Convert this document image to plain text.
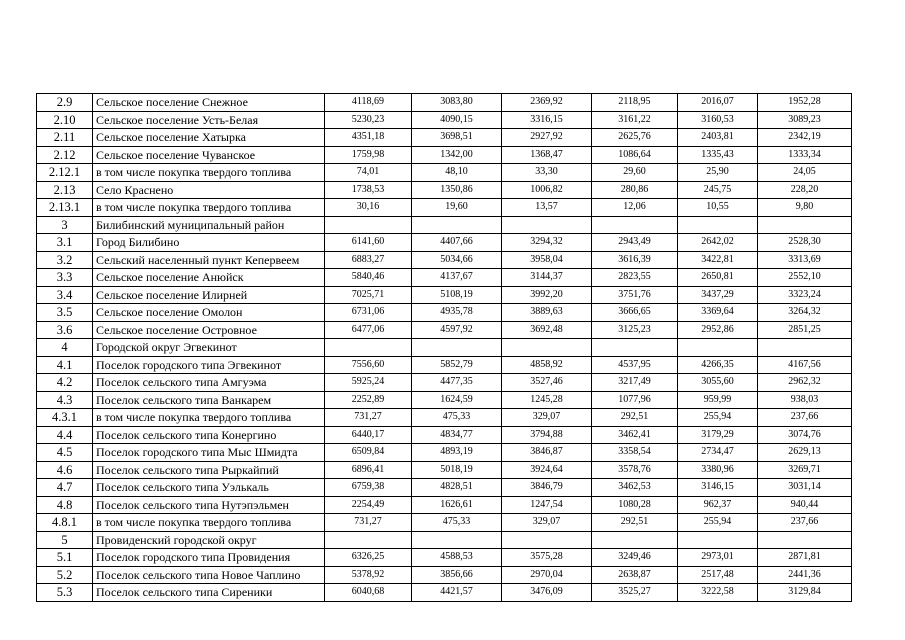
2.9	Сельское поселение Снежное	4118,69	3083,80	2369,92	2118,95	2016,07	1952,28
2.10	Сельское поселение Усть-Белая	5230,23	4090,15	3316,15	3161,22	3160,53	3089,23
2.11	Сельское поселение Хатырка	4351,18	3698,51	2927,92	2625,76	2403,81	2342,19
2.12	Сельское поселение Чуванское	1759,98	1342,00	1368,47	1086,64	1335,43	1333,34
2.12.1	в том числе покупка твердого топлива	74,01	48,10	33,30	29,60	25,90	24,05
2.13	Село Краснено	1738,53	1350,86	1006,82	280,86	245,75	228,20
2.13.1	в том числе покупка твердого топлива	30,16	19,60	13,57	12,06	10,55	9,80
3	Билибинский муниципальный район						
3.1	Город Билибино	6141,60	4407,66	3294,32	2943,49	2642,02	2528,30
3.2	Сельский населенный пункт Кепервеем	6883,27	5034,66	3958,04	3616,39	3422,81	3313,69
3.3	Сельское поселение Анюйск	5840,46	4137,67	3144,37	2823,55	2650,81	2552,10
3.4	Сельское поселение Илирней	7025,71	5108,19	3992,20	3751,76	3437,29	3323,24
3.5	Сельское поселение Омолон	6731,06	4935,78	3889,63	3666,65	3369,64	3264,32
3.6	Сельское поселение Островное	6477,06	4597,92	3692,48	3125,23	2952,86	2851,25
4	Городской округ Эгвекинот						
4.1	Поселок городского типа Эгвекинот	7556,60	5852,79	4858,92	4537,95	4266,35	4167,56
4.2	Поселок сельского типа Амгуэма	5925,24	4477,35	3527,46	3217,49	3055,60	2962,32
4.3	Поселок сельского типа Ванкарем	2252,89	1624,59	1245,28	1077,96	959,99	938,03
4.3.1	в том числе покупка твердого топлива	731,27	475,33	329,07	292,51	255,94	237,66
4.4	Поселок сельского типа Конергино	6440,17	4834,77	3794,88	3462,41	3179,29	3074,76
4.5	Поселок городского типа Мыс Шмидта	6509,84	4893,19	3846,87	3358,54	2734,47	2629,13
4.6	Поселок сельского типа Рыркайпий	6896,41	5018,19	3924,64	3578,76	3380,96	3269,71
4.7	Поселок сельского типа Уэлькаль	6759,38	4828,51	3846,79	3462,53	3146,15	3031,14
4.8	Поселок сельского типа Нутэпэльмен	2254,49	1626,61	1247,54	1080,28	962,37	940,44
4.8.1	в том числе покупка твердого топлива	731,27	475,33	329,07	292,51	255,94	237,66
5	Провиденский городской округ						
5.1	Поселок городского типа Провидения	6326,25	4588,53	3575,28	3249,46	2973,01	2871,81
5.2	Поселок сельского типа Новое Чаплино	5378,92	3856,66	2970,04	2638,87	2517,48	2441,36
5.3	Поселок сельского типа Сиреники	6040,68	4421,57	3476,09	3525,27	3222,58	3129,84
